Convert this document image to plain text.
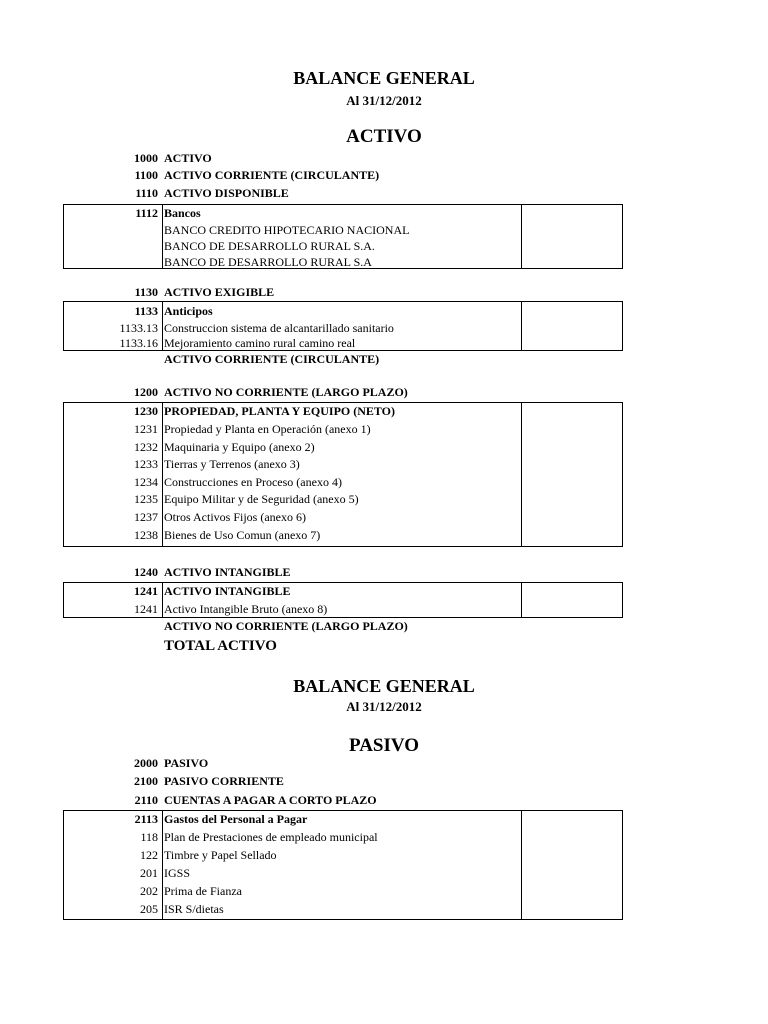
BALANCE GENERAL
Al 31/12/2012
ACTIVO
1000 ACTIVO
1100 ACTIVO CORRIENTE (CIRCULANTE)
1110 ACTIVO DISPONIBLE
1112 Bancos
BANCO CREDITO HIPOTECARIO NACIONAL
BANCO DE DESARROLLO RURAL S.A.
BANCO DE DESARROLLO RURAL S.A
1130 ACTIVO EXIGIBLE
1133 Anticipos
1133.13 Construccion sistema de alcantarillado sanitario
1133.16 Mejoramiento camino rural camino real
ACTIVO CORRIENTE (CIRCULANTE)
1200 ACTIVO NO CORRIENTE (LARGO PLAZO)
1230 PROPIEDAD, PLANTA Y EQUIPO (NETO)
1231 Propiedad y Planta en Operación (anexo 1)
1232 Maquinaria y Equipo (anexo 2)
1233 Tierras y Terrenos (anexo 3)
1234 Construcciones en Proceso (anexo 4)
1235 Equipo Militar y de Seguridad (anexo 5)
1237 Otros Activos Fijos (anexo 6)
1238 Bienes de Uso Comun (anexo 7)
1240 ACTIVO INTANGIBLE
1241 ACTIVO INTANGIBLE
1241 Activo Intangible Bruto (anexo 8)
ACTIVO NO CORRIENTE (LARGO PLAZO)
TOTAL ACTIVO
BALANCE GENERAL
Al 31/12/2012
PASIVO
2000 PASIVO
2100 PASIVO CORRIENTE
2110 CUENTAS A PAGAR A CORTO PLAZO
2113 Gastos del Personal a Pagar
118 Plan de Prestaciones de empleado municipal
122 Timbre y Papel Sellado
201 IGSS
202 Prima de Fianza
205 ISR S/dietas
